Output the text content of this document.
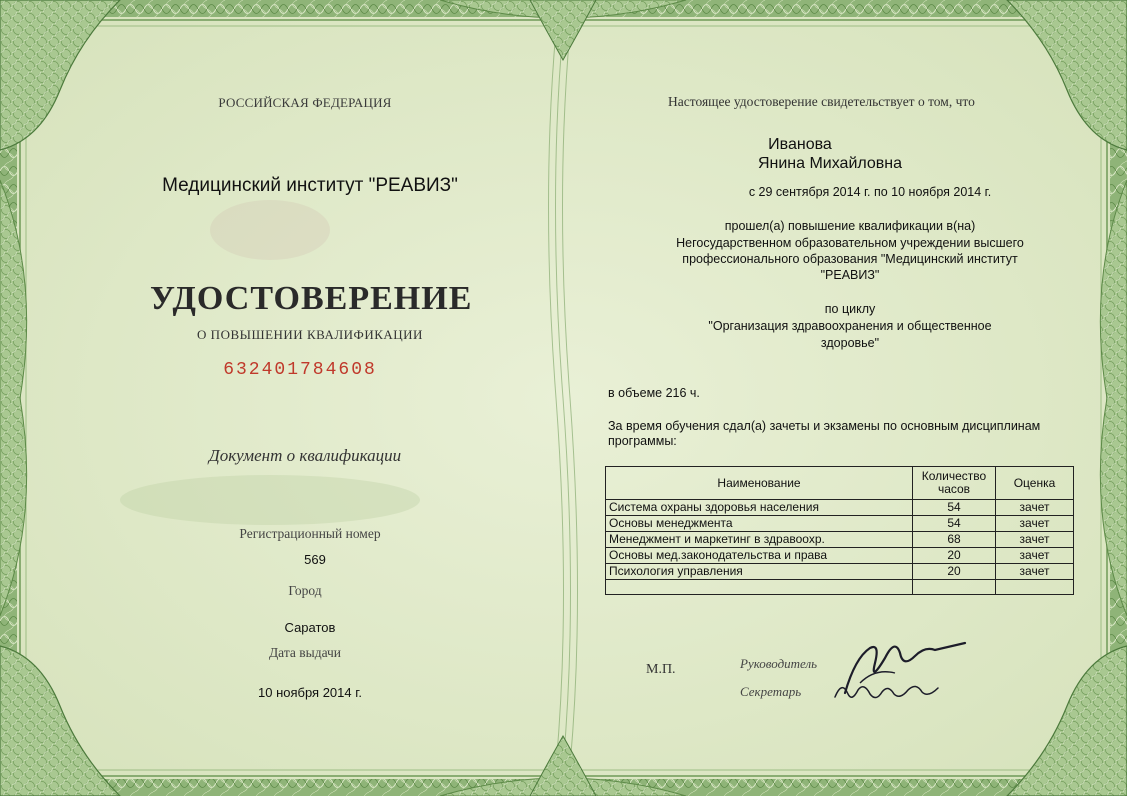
РОССИЙСКАЯ ФЕДЕРАЦИЯ
Медицинский институт "РЕАВИЗ"
УДОСТОВЕРЕНИЕ
О ПОВЫШЕНИИ КВАЛИФИКАЦИИ
632401784608
Документ о квалификации
Регистрационный номер
569
Город
Саратов
Дата выдачи
10 ноября 2014 г.
Настоящее удостоверение свидетельствует о том, что
Иванова
Янина Михайловна
с 29 сентября 2014 г. по 10 ноября 2014 г.
прошел(а) повышение квалификации в(на)
Негосударственном образовательном учреждении высшего
профессионального образования "Медицинский институт
"РЕАВИЗ"
по циклу
"Организация здравоохранения и общественное
здоровье"
в объеме 216 ч.
За время обучения сдал(а) зачеты и экзамены по основным дисциплинам
программы:
Наименование	Количество часов	Оценка
Система охраны здоровья населения	54	зачет
Основы менеджмента	54	зачет
Менеджмент и маркетинг в здравоохр.	68	зачет
Основы мед.законодательства и права	20	зачет
Психология управления	20	зачет

М.П.	Руководитель
Секретарь
